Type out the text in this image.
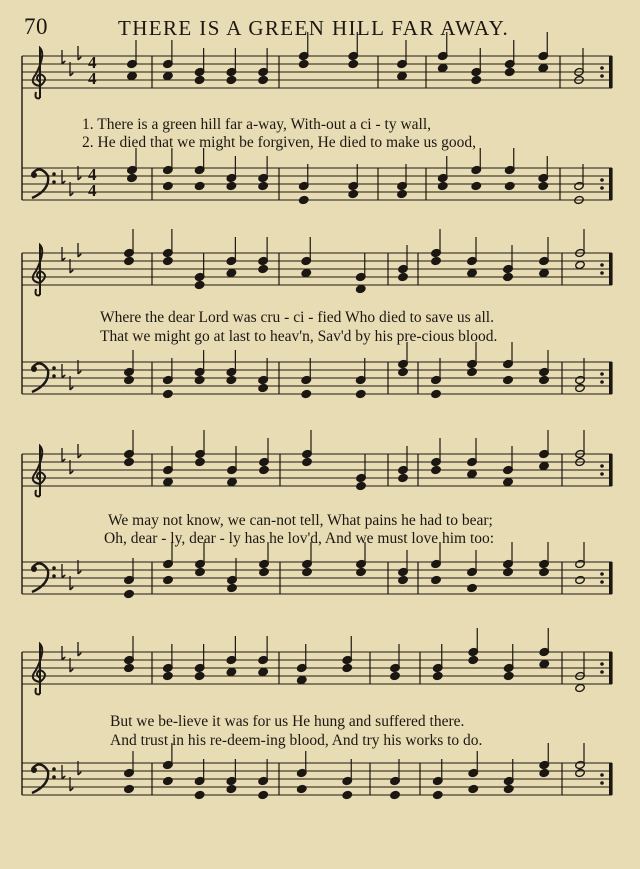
70	THERE IS A GREEN HILL FAR AWAY.
4
4
4
4
1. There is a green hill far a-way, With-out a ci - ty wall,
2. He died that we might be forgiven, He died to make us good,
Where the dear Lord was cru - ci - fied Who died to save us all.
That we might go at last to heav'n, Sav'd by his pre-cious blood.
We may not know, we can-not tell, What pains he had to bear;
Oh, dear - ly, dear - ly has he lov'd, And we must love him too:
But we be-lieve it was for us He hung and suffered there.
And trust in his re-deem-ing blood, And try his works to do.
